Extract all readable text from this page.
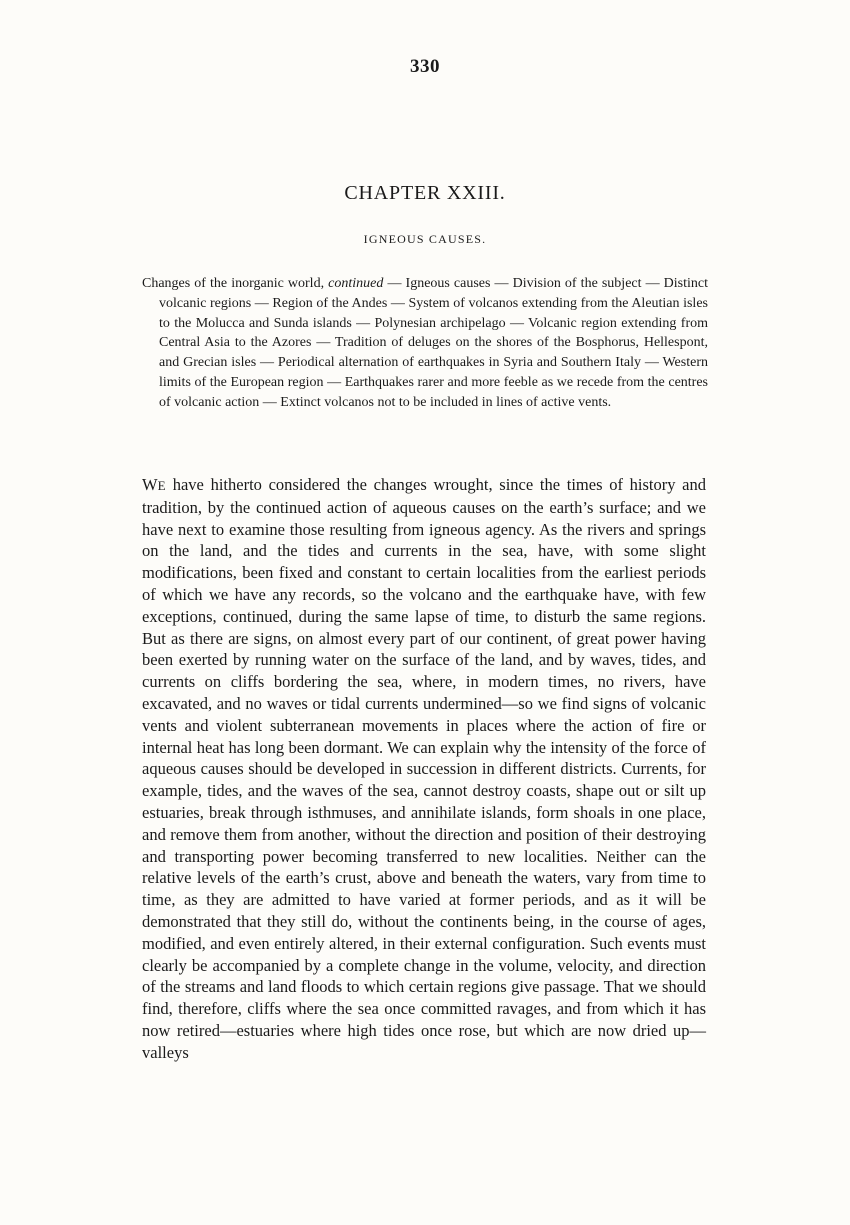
330
CHAPTER XXIII.
IGNEOUS CAUSES.
Changes of the inorganic world, continued — Igneous causes — Division of the subject — Distinct volcanic regions — Region of the Andes — System of volcanos extending from the Aleutian isles to the Molucca and Sunda islands — Polynesian archipelago — Volcanic region extending from Central Asia to the Azores — Tradition of deluges on the shores of the Bosphorus, Hellespont, and Grecian isles — Periodical alternation of earthquakes in Syria and Southern Italy — Western limits of the European region — Earthquakes rarer and more feeble as we recede from the centres of volcanic action — Extinct volcanos not to be included in lines of active vents.
WE have hitherto considered the changes wrought, since the times of history and tradition, by the continued action of aqueous causes on the earth’s surface; and we have next to examine those resulting from igneous agency. As the rivers and springs on the land, and the tides and currents in the sea, have, with some slight modifications, been fixed and constant to certain localities from the earliest periods of which we have any records, so the volcano and the earthquake have, with few exceptions, continued, during the same lapse of time, to disturb the same regions. But as there are signs, on almost every part of our continent, of great power having been exerted by running water on the surface of the land, and by waves, tides, and currents on cliffs bordering the sea, where, in modern times, no rivers, have excavated, and no waves or tidal currents undermined—so we find signs of volcanic vents and violent subterranean movements in places where the action of fire or internal heat has long been dormant. We can explain why the intensity of the force of aqueous causes should be developed in succession in different districts. Currents, for example, tides, and the waves of the sea, cannot destroy coasts, shape out or silt up estuaries, break through isthmuses, and annihilate islands, form shoals in one place, and remove them from another, without the direction and position of their destroying and transporting power becoming transferred to new localities. Neither can the relative levels of the earth’s crust, above and beneath the waters, vary from time to time, as they are admitted to have varied at former periods, and as it will be demonstrated that they still do, without the continents being, in the course of ages, modified, and even entirely altered, in their external configuration. Such events must clearly be accompanied by a complete change in the volume, velocity, and direction of the streams and land floods to which certain regions give passage. That we should find, therefore, cliffs where the sea once committed ravages, and from which it has now retired—estuaries where high tides once rose, but which are now dried up—valleys
